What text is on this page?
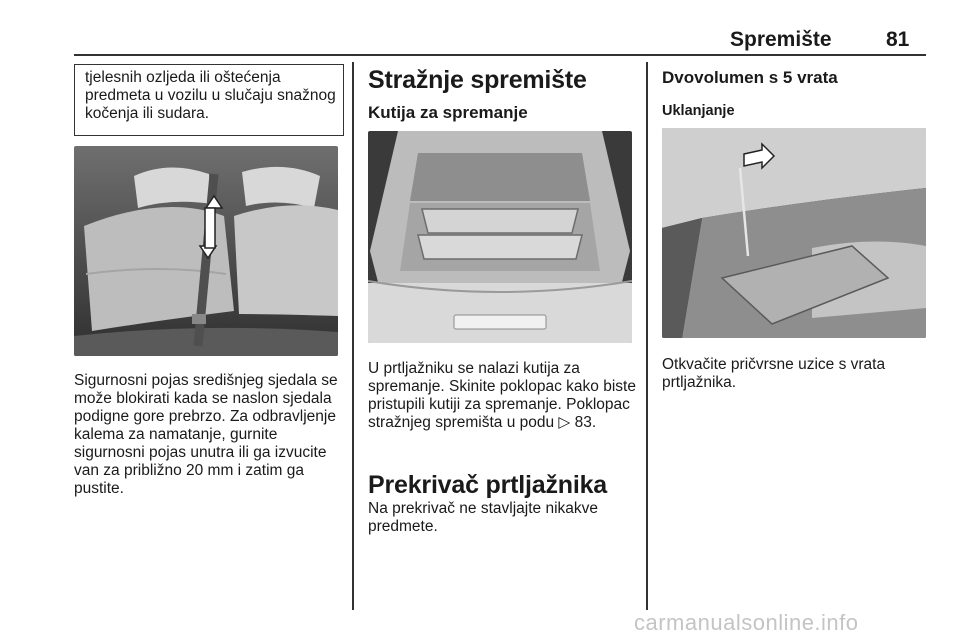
Spremište	81
tjelesnih ozljeda ili oštećenja predmeta u vozilu u slučaju snažnog kočenja ili sudara.
Sigurnosni pojas središnjeg sjedala se može blokirati kada se naslon sjedala podigne gore prebrzo. Za odbravljenje kalema za namatanje, gurnite sigurnosni pojas unutra ili ga izvucite van za približno 20 mm i zatim ga pustite.
Stražnje spremište
Kutija za spremanje
U prtljažniku se nalazi kutija za spremanje. Skinite poklopac kako biste pristupili kutiji za spremanje. Poklopac stražnjeg spremišta u podu ▷ 83.
Prekrivač prtljažnika
Na prekrivač ne stavljajte nikakve predmete.
Dvovolumen s 5 vrata
Uklanjanje
Otkvačite pričvrsne uzice s vrata prtljažnika.
carmanualsonline.info
